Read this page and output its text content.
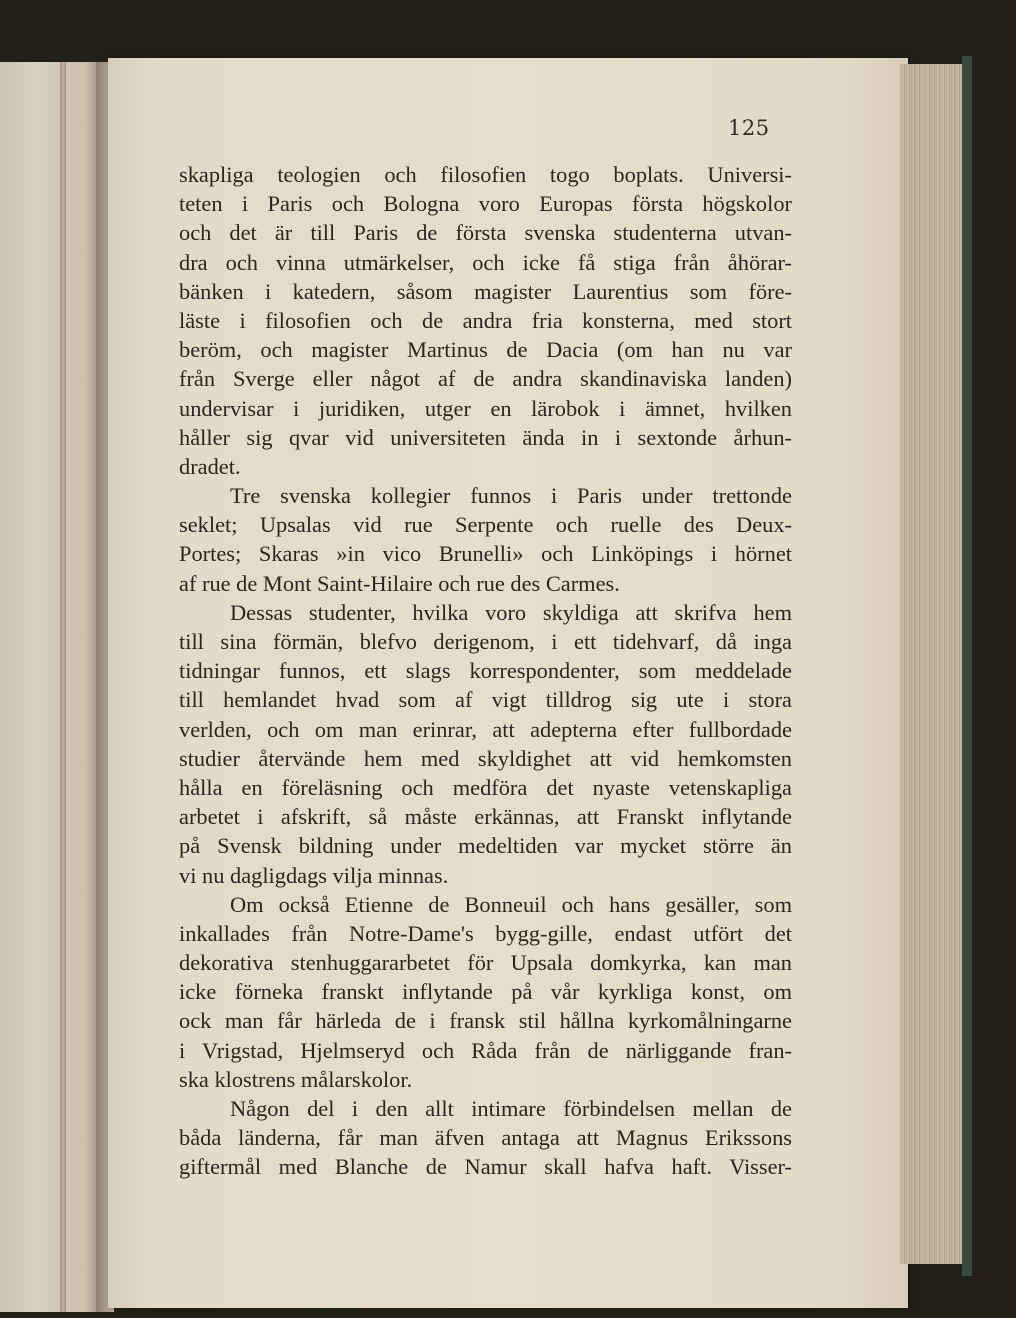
125
skapliga teologien och filosofien togo boplats. Universi-
teten i Paris och Bologna voro Europas första högskolor
och det är till Paris de första svenska studenterna utvan-
dra och vinna utmärkelser, och icke få stiga från åhörar-
bänken i katedern, såsom magister Laurentius som före-
läste i filosofien och de andra fria konsterna, med stort
beröm, och magister Martinus de Dacia (om han nu var
från Sverge eller något af de andra skandinaviska landen)
undervisar i juridiken, utger en lärobok i ämnet, hvilken
håller sig qvar vid universiteten ända in i sextonde århun-
dradet.
Tre svenska kollegier funnos i Paris under trettonde
seklet; Upsalas vid rue Serpente och ruelle des Deux-
Portes; Skaras »in vico Brunelli» och Linköpings i hörnet
af rue de Mont Saint-Hilaire och rue des Carmes.
Dessas studenter, hvilka voro skyldiga att skrifva hem
till sina förmän, blefvo derigenom, i ett tidehvarf, då inga
tidningar funnos, ett slags korrespondenter, som meddelade
till hemlandet hvad som af vigt tilldrog sig ute i stora
verlden, och om man erinrar, att adepterna efter fullbordade
studier återvände hem med skyldighet att vid hemkomsten
hålla en föreläsning och medföra det nyaste vetenskapliga
arbetet i afskrift, så måste erkännas, att Franskt inflytande
på Svensk bildning under medeltiden var mycket större än
vi nu dagligdags vilja minnas.
Om också Etienne de Bonneuil och hans gesäller, som
inkallades från Notre-Dame's bygg-gille, endast utfört det
dekorativa stenhuggararbetet för Upsala domkyrka, kan man
icke förneka franskt inflytande på vår kyrkliga konst, om
ock man får härleda de i fransk stil hållna kyrkomålningarne
i Vrigstad, Hjelmseryd och Råda från de närliggande fran-
ska klostrens målarskolor.
Någon del i den allt intimare förbindelsen mellan de
båda länderna, får man äfven antaga att Magnus Erikssons
giftermål med Blanche de Namur skall hafva haft. Visser-
